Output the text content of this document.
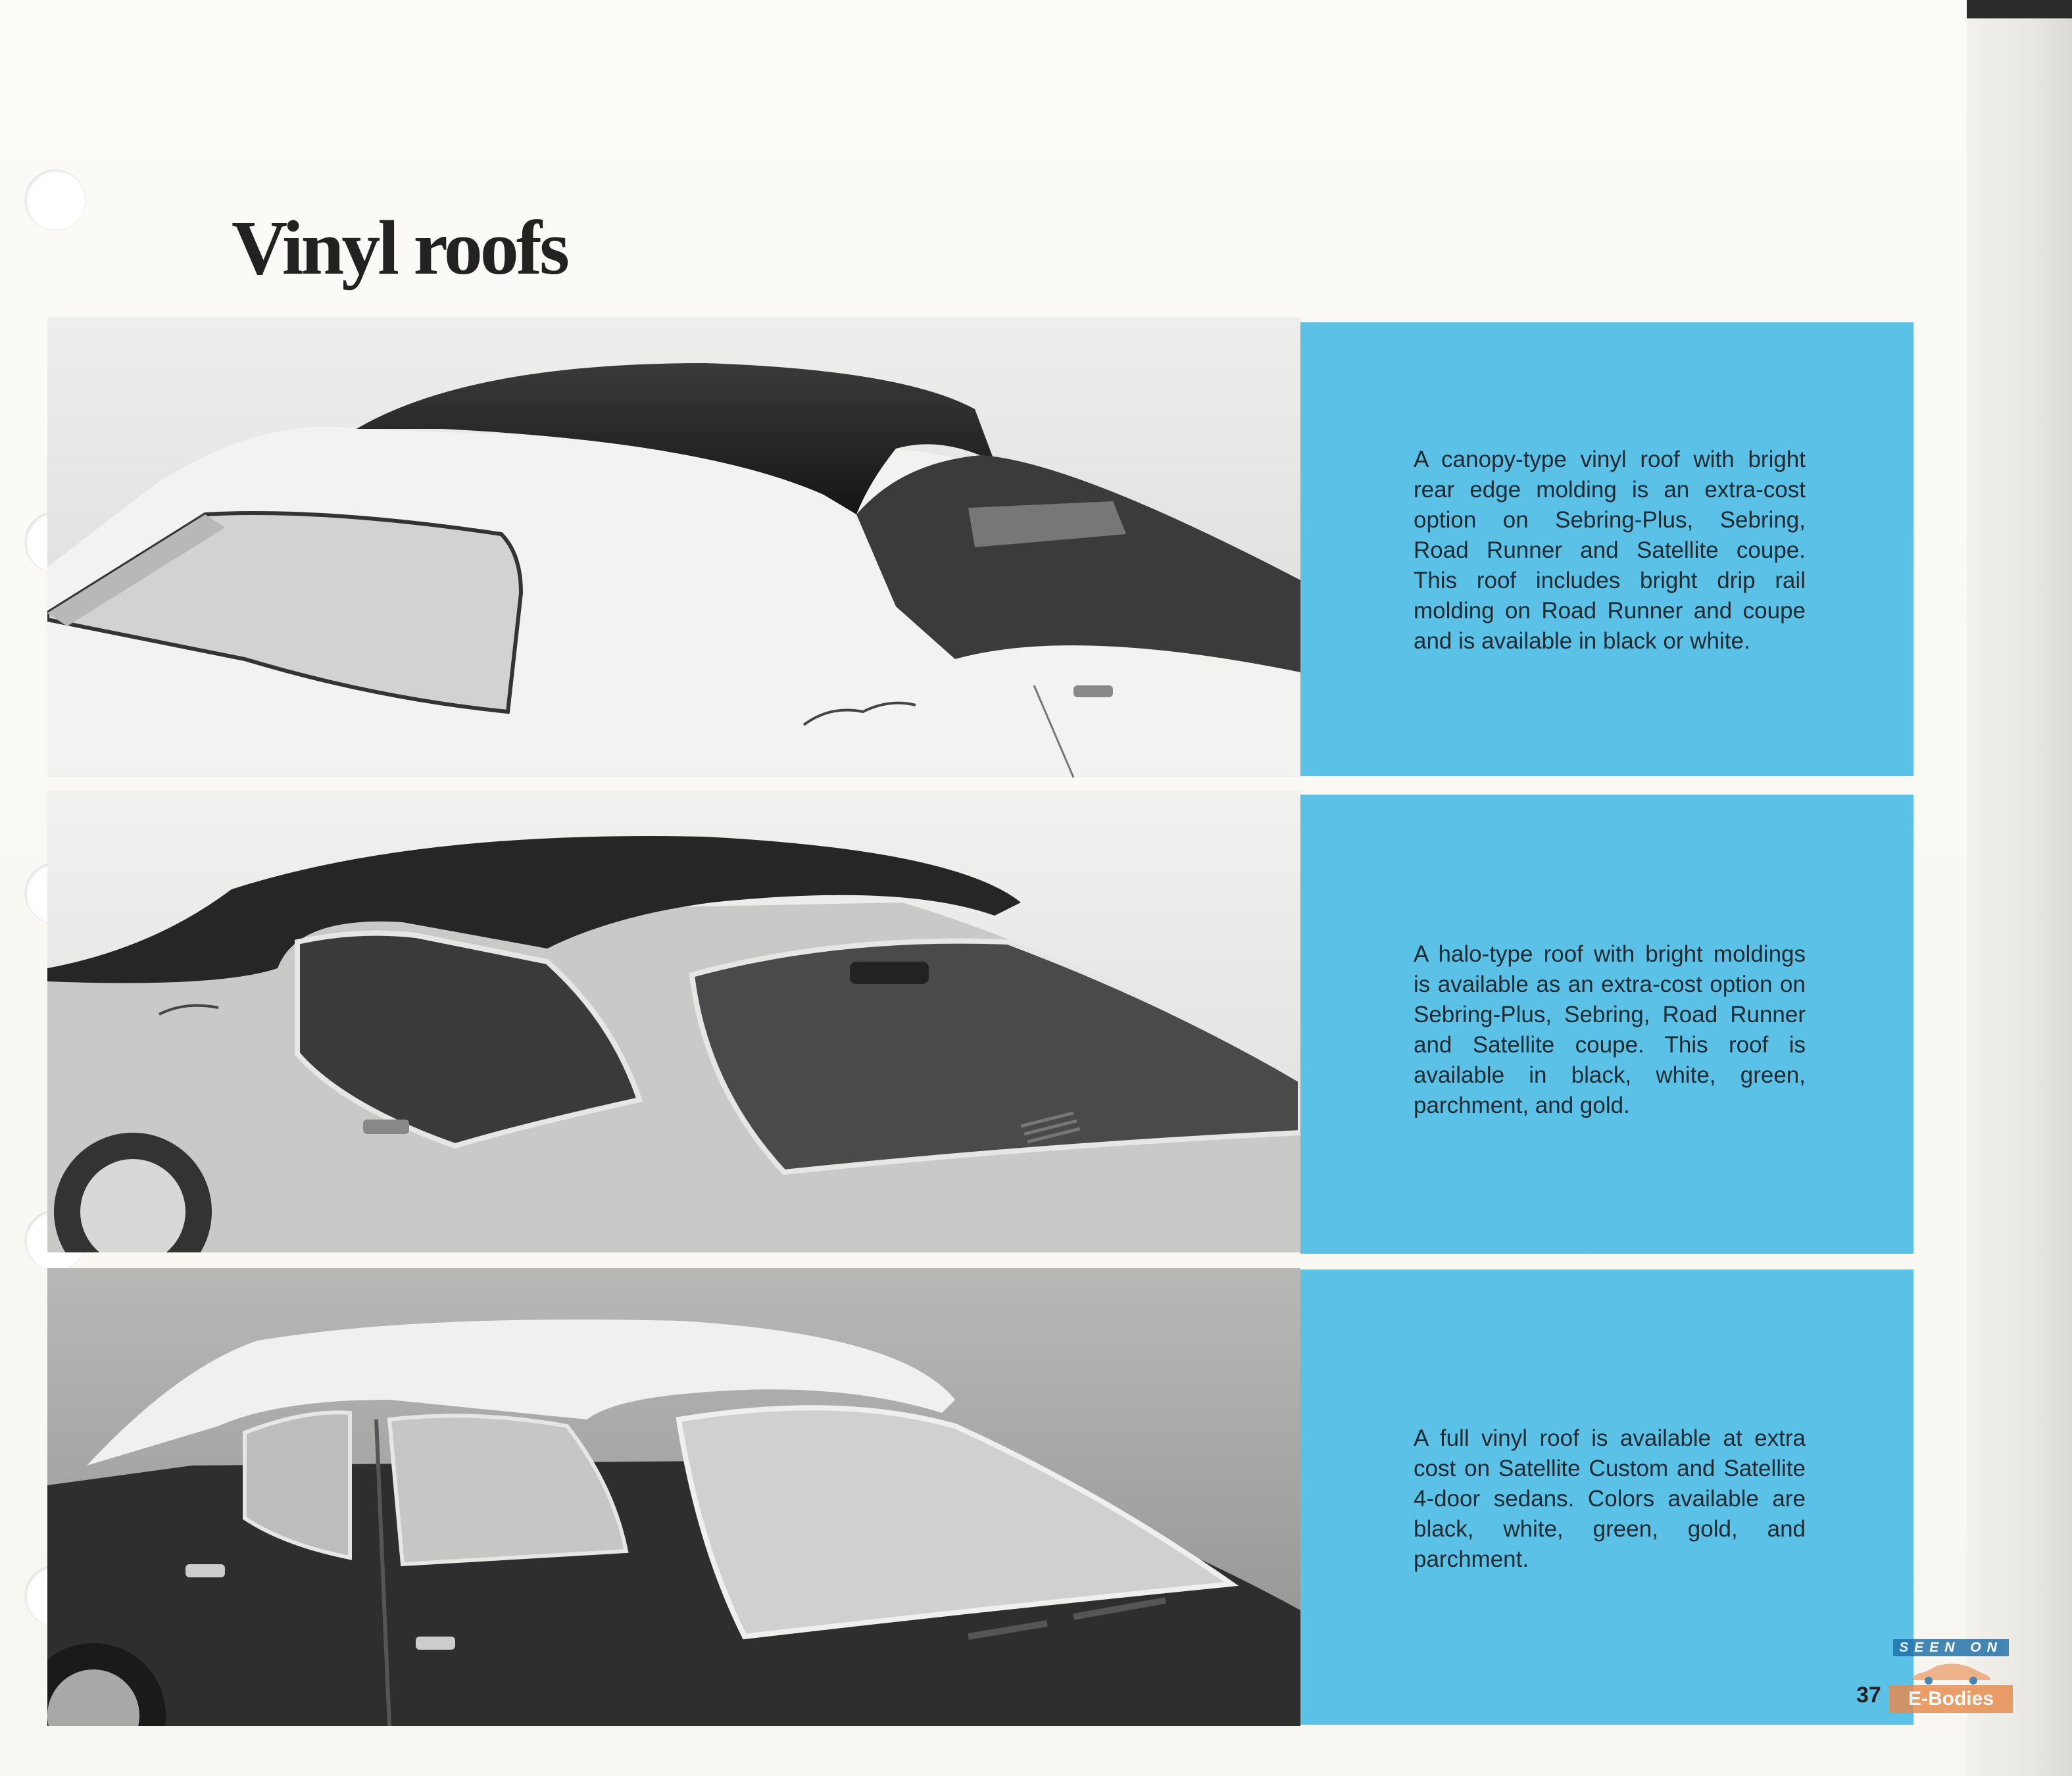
Vinyl roofs

A canopy-type vinyl roof with bright rear edge molding is an extra-cost option on Sebring-Plus, Sebring, Road Runner and Satellite coupe. This roof includes bright drip rail molding on Road Runner and coupe and is available in black or white.

A halo-type roof with bright moldings is available as an extra-cost option on Sebring-Plus, Sebring, Road Runner and Satellite coupe. This roof is available in black, white, green, parchment, and gold.

A full vinyl roof is available at extra cost on Satellite Custom and Satellite 4-door sedans. Colors available are black, white, green, gold, and parchment.

37
SEEN ON
E-Bodies
